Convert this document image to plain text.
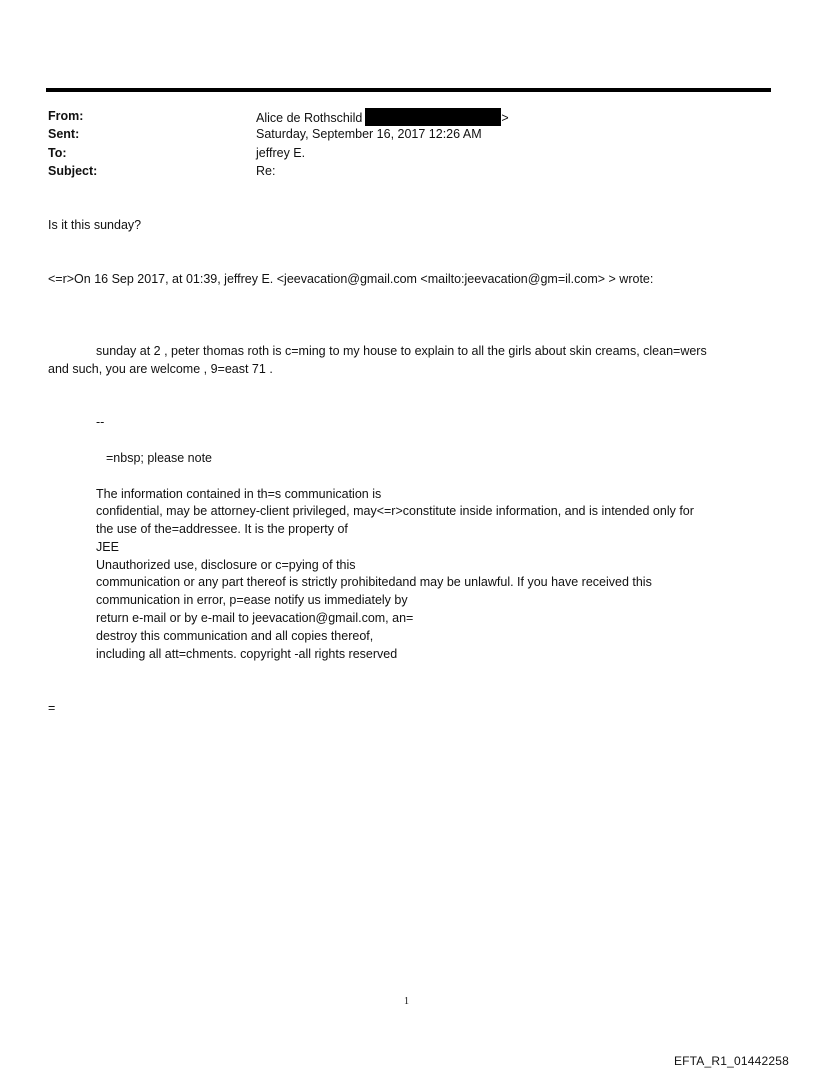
From:	Alice de Rothschild	>
Sent:	Saturday, September 16, 2017 12:26 AM
To:	jeffrey E.
Subject:	Re:
Is it this sunday?
<=r>On 16 Sep 2017, at 01:39, jeffrey E. <jeevacation@gmail.com <mailto:jeevacation@gm=il.com> > wrote:
sunday at 2 , peter thomas roth is c=ming to my house to explain to all the girls about skin creams, clean=wers
and such, you are welcome , 9=east 71 .
--
=nbsp; please note
The information contained in th=s communication is
confidential, may be attorney-client privileged, may<=r>constitute inside information, and is intended only for
the use of the=addressee. It is the property of
JEE
Unauthorized use, disclosure or c=pying of this
communication or any part thereof is strictly prohibitedand may be unlawful. If you have received this
communication in error, p=ease notify us immediately by
return e-mail or by e-mail to jeevacation@gmail.com, an=
destroy this communication and all copies thereof,
including all att=chments. copyright -all rights reserved
=
1
EFTA_R1_01442258
